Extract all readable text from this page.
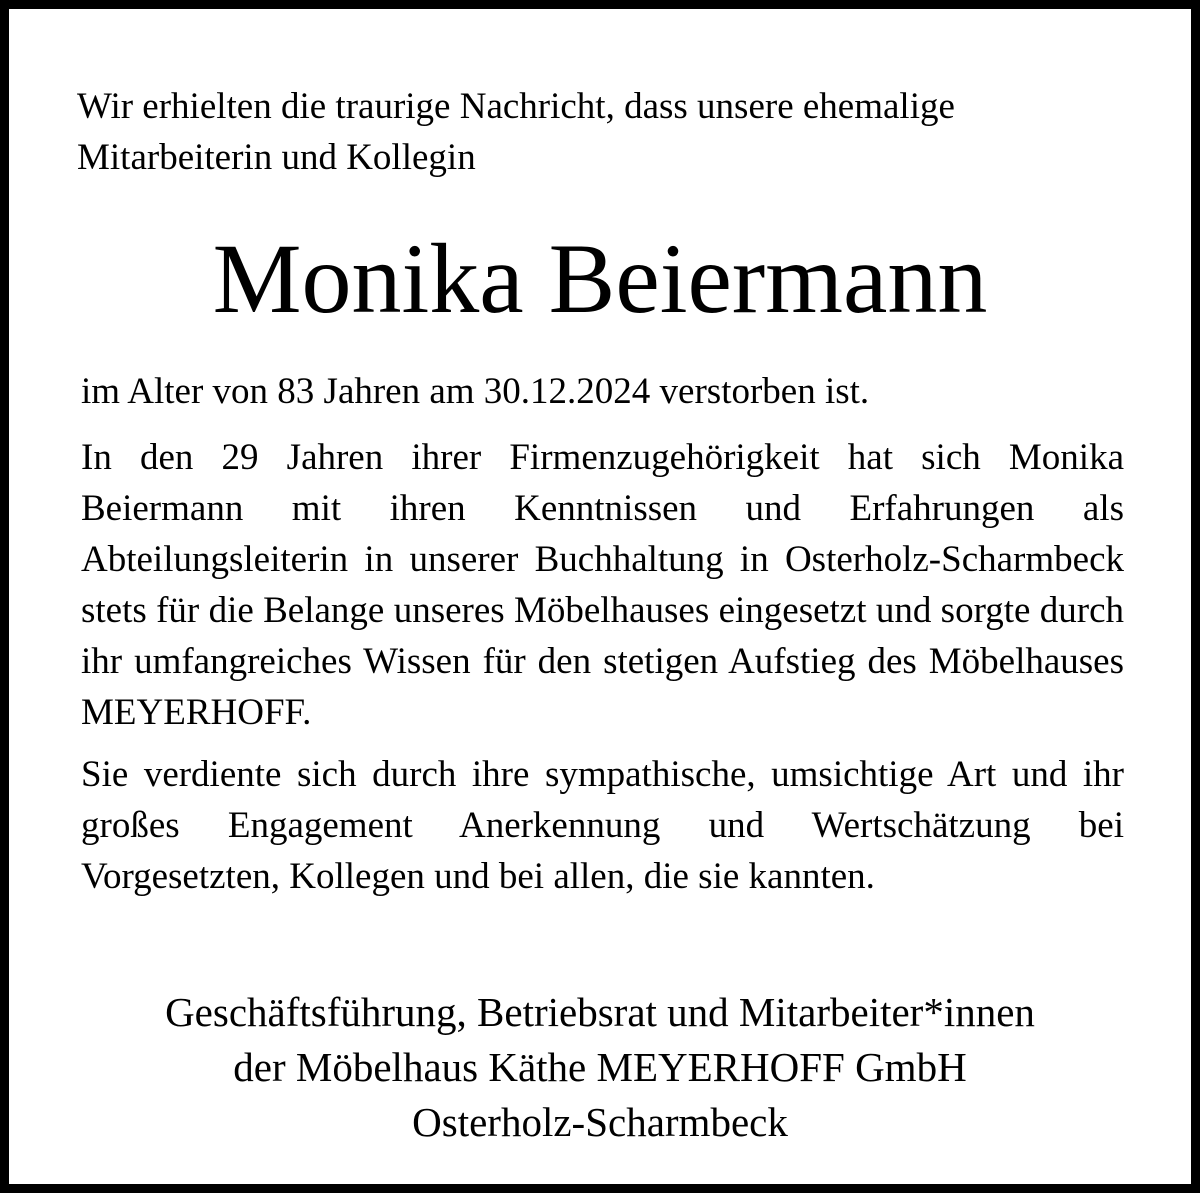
Wir erhielten die traurige Nachricht, dass unsere ehemalige
Mitarbeiterin und Kollegin

Monika Beiermann

im Alter von 83 Jahren am 30.12.2024 verstorben ist.

In den 29 Jahren ihrer Firmenzugehörigkeit hat sich Monika Beiermann mit ihren Kenntnissen und Erfahrungen als Abteilungsleiterin in unserer Buchhaltung in Osterholz-Scharmbeck stets für die Belange unseres Möbelhauses eingesetzt und sorgte durch ihr umfangreiches Wissen für den stetigen Aufstieg des Möbelhauses MEYERHOFF.

Sie verdiente sich durch ihre sympathische, umsichtige Art und ihr großes Engagement Anerkennung und Wertschätzung bei Vorgesetzten, Kollegen und bei allen, die sie kannten.

Geschäftsführung, Betriebsrat und Mitarbeiter*innen
der Möbelhaus Käthe MEYERHOFF GmbH
Osterholz-Scharmbeck
